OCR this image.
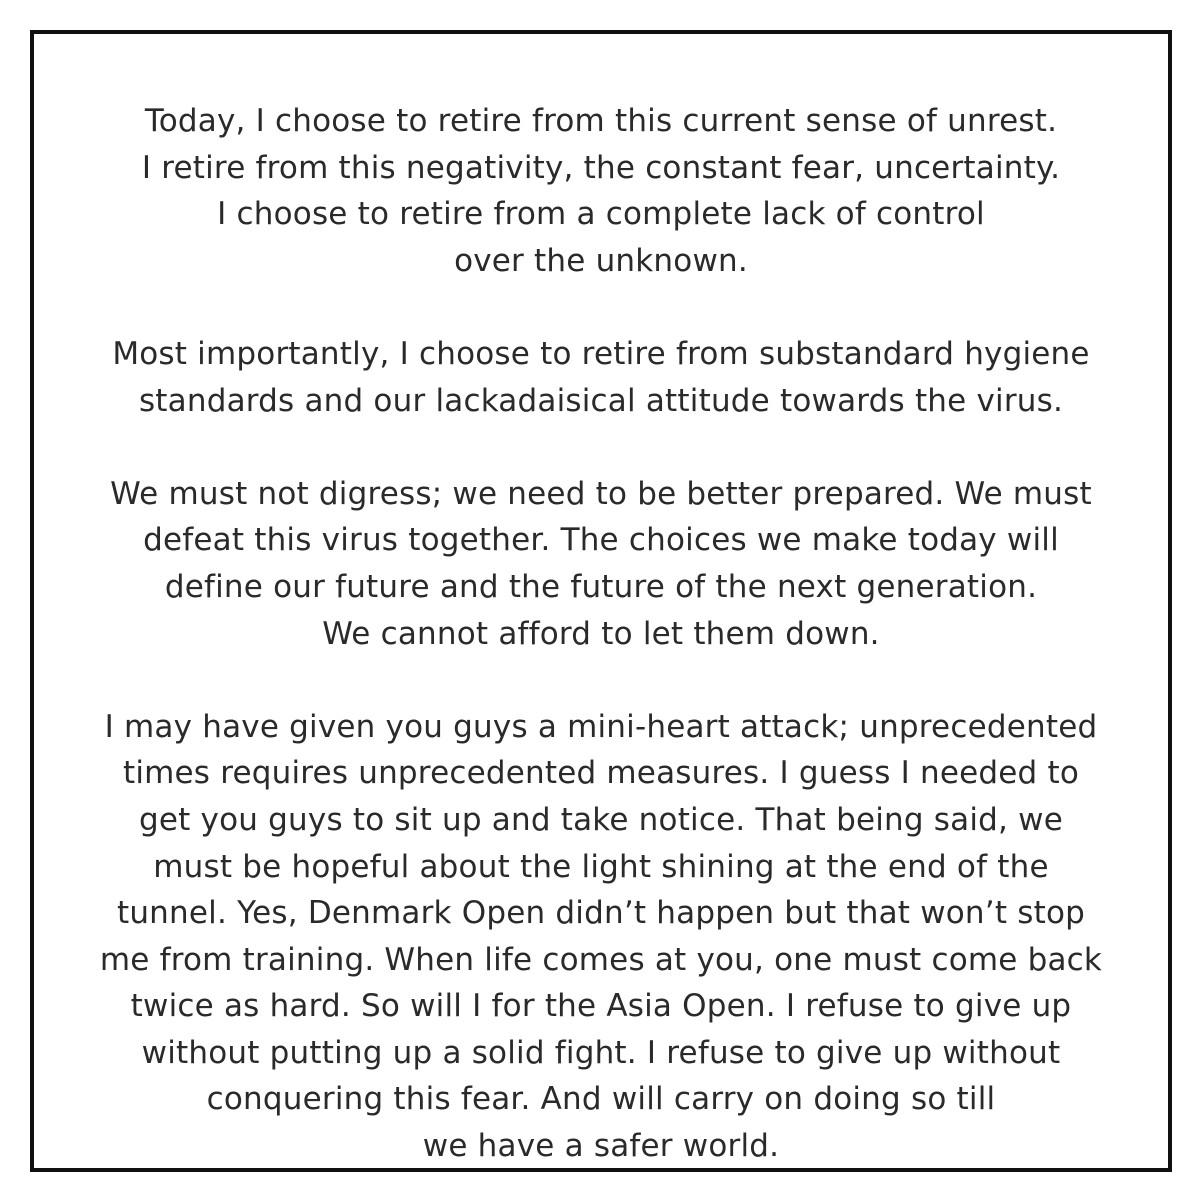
Today, I choose to retire from this current sense of unrest.
I retire from this negativity, the constant fear, uncertainty.
I choose to retire from a complete lack of control
over the unknown.

Most importantly, I choose to retire from substandard hygiene
standards and our lackadaisical attitude towards the virus.

We must not digress; we need to be better prepared. We must
defeat this virus together. The choices we make today will
define our future and the future of the next generation.
We cannot afford to let them down.

I may have given you guys a mini-heart attack; unprecedented
times requires unprecedented measures. I guess I needed to
get you guys to sit up and take notice. That being said, we
must be hopeful about the light shining at the end of the
tunnel. Yes, Denmark Open didn’t happen but that won’t stop
me from training. When life comes at you, one must come back
twice as hard. So will I for the Asia Open. I refuse to give up
without putting up a solid fight. I refuse to give up without
conquering this fear. And will carry on doing so till
we have a safer world.
